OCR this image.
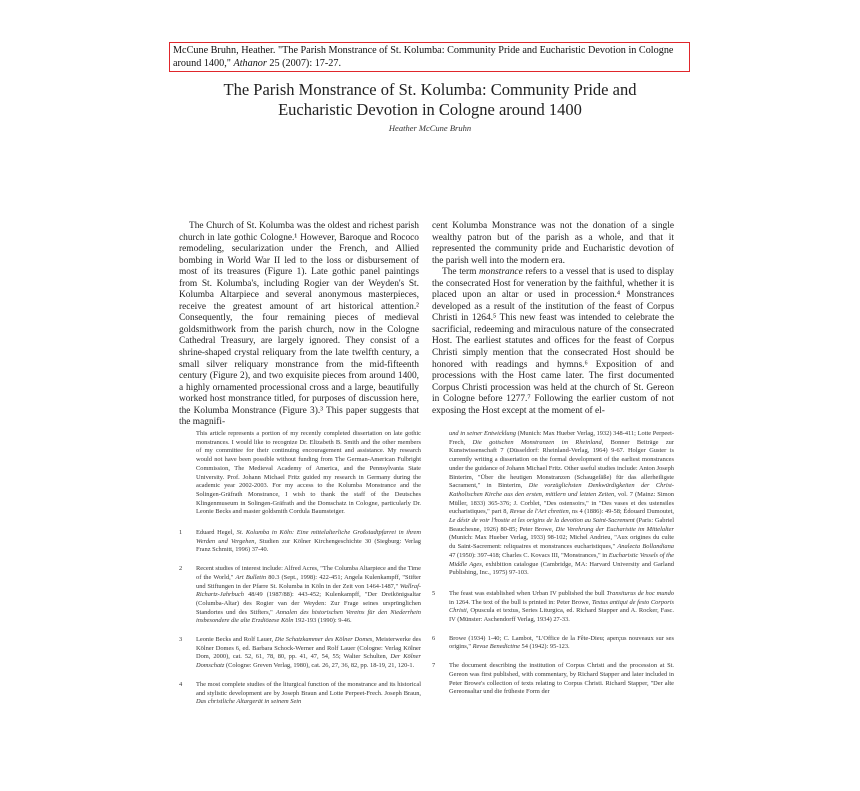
McCune Bruhn, Heather. "The Parish Monstrance of St. Kolumba: Community Pride and Eucharistic Devotion in Cologne around 1400," Athanor 25 (2007): 17-27.
The Parish Monstrance of St. Kolumba: Community Pride and
Eucharistic Devotion in Cologne around 1400
Heather McCune Bruhn

The Church of St. Kolumba was the oldest and richest parish church in late gothic Cologne.¹ However, Baroque and Rococo remodeling, secularization under the French, and Allied bombing in World War II led to the loss or disbursement of most of its treasures (Figure 1). Late gothic panel paintings from St. Kolumba's, including Rogier van der Weyden's St. Kolumba Altarpiece and several anonymous masterpieces, receive the greatest amount of art historical attention.² Consequently, the four remaining pieces of medieval goldsmithwork from the parish church, now in the Cologne Cathedral Treasury, are largely ignored. They consist of a shrine-shaped crystal reliquary from the late twelfth century, a small silver reliquary monstrance from the mid-fifteenth century (Figure 2), and two exquisite pieces from around 1400, a highly ornamented processional cross and a large, beautifully worked host monstrance titled, for purposes of discussion here, the Kolumba Monstrance (Figure 3).³ This paper suggests that the magnifi-

cent Kolumba Monstrance was not the donation of a single wealthy patron but of the parish as a whole, and that it represented the community pride and Eucharistic devotion of the parish well into the modern era.

The term monstrance refers to a vessel that is used to display the consecrated Host for veneration by the faithful, whether it is placed upon an altar or used in procession.⁴ Monstrances developed as a result of the institution of the feast of Corpus Christi in 1264.⁵ This new feast was intended to celebrate the sacrificial, redeeming and miraculous nature of the consecrated Host. The earliest statutes and offices for the feast of Corpus Christi simply mention that the consecrated Host should be honored with readings and hymns.⁶ Exposition of and processions with the Host came later. The first documented Corpus Christi procession was held at the church of St. Gereon in Cologne before 1277.⁷ Following the earlier custom of not exposing the Host except at the moment of el-

This article represents a portion of my recently completed dissertation on late gothic monstrances. I would like to recognize Dr. Elizabeth B. Smith and the other members of my committee for their continuing encouragement and assistance. My research would not have been possible without funding from The German-American Fulbright Commission, The Medieval Academy of America, and the Pennsylvania State University. Prof. Johann Michael Fritz guided my research in Germany during the academic year 2002-2003. For my access to the Kolumba Monstrance and the Solingen-Gräfrath Monstrance, I wish to thank the staff of the Deutsches Klingenmuseum in Solingen-Gräfrath and the Domschatz in Cologne, particularly Dr. Leonie Becks and master goldsmith Cordula Baumsteiger.
1 Eduard Hegel, St. Kolumba in Köln: Eine mittelalterliche Großstadtpfarrei in ihrem Werden und Vergehen, Studien zur Kölner Kirchengeschichte 30 (Siegburg: Verlag Franz Schmitt, 1996) 37-40.
2 Recent studies of interest include: Alfred Acres, "The Columba Altarpiece and the Time of the World," Art Bulletin 80.3 (Sept., 1998): 422-451; Angela Kulenkampff, "Stifter und Stiftungen in der Pfarre St. Kolumba in Köln in der Zeit von 1464-1487," Wallraf-Richartz-Jahrbuch 48/49 (1987/88): 443-452; Kulenkampff, "Der Dreikönigsaltar (Columba-Altar) des Rogier van der Weyden: Zur Frage seines ursprünglichen Standortes und des Stifters," Annalen des historischen Vereins für den Niederrhein insbesondere die alte Erzdiözese Köln 192-193 (1990): 9-46.
3 Leonie Becks and Rolf Lauer, Die Schatzkammer des Kölner Domes, Meisterwerke des Kölner Domes 6, ed. Barbara Schock-Werner and Rolf Lauer (Cologne: Verlag Kölner Dom, 2000), cat. 52, 61, 78, 80, pp. 41, 47, 54, 55; Walter Schulten, Der Kölner Domschatz (Cologne: Greven Verlag, 1980), cat. 26, 27, 36, 82, pp. 18-19, 21, 120-1.
4 The most complete studies of the liturgical function of the monstrance and its historical and stylistic development are by Joseph Braun and Lotte Perpeet-Frech. Joseph Braun, Das christliche Altargerät in seinem Sein
und in seiner Entwicklung (Munich: Max Hueber Verlag, 1932) 348-411; Lotte Perpeet-Frech, Die gotischen Monstranzen im Rheinland, Bonner Beiträge zur Kunstwissenschaft 7 (Düsseldorf: Rheinland-Verlag, 1964) 9-67. Holger Guster is currently writing a dissertation on the formal development of the earliest monstrances under the guidance of Johann Michael Fritz. Other useful studies include: Anton Joseph Binterim, "Über die heutigen Monstranzen (Schaugefäße) für das allerheiligste Sacrament," in Binterim, Die vorzüglichsten Denkwürdigkeiten der Christ-Katholischen Kirche aus den ersten, mittlern und letzten Zeiten, vol. 7 (Mainz: Simon Müller, 1833) 365-376; J. Corblet, "Des ostensoirs," in "Des vases et des ustensiles eucharistiques," part 8, Revue de l'Art chretien, ns 4 (1886): 49-58; Édouard Dumoutet, Le désir de voir l'hostie et les origins de la devotion au Saint-Sacrement (Paris: Gabriel Beauchesne, 1926) 80-85; Peter Browe, Die Verehrung der Eucharistie im Mittelalter (Munich: Max Hueber Verlag, 1933) 98-102; Michel Andrieu, "Aux origines du culte du Saint-Sacrement: reliquaires et monstrances eucharistiques," Analecta Bollandiana 47 (1950): 397-418; Charles C. Kovacs III, "Monstrances," in Eucharistic Vessels of the Middle Ages, exhibition catalogue (Cambridge, MA: Harvard University and Garland Publishing, Inc., 1975) 97-103.
5 The feast was established when Urban IV published the bull Transiturus de hoc mundo in 1264. The text of the bull is printed in: Peter Browe, Textus antiqui de festo Corporis Christi, Opuscula et textus, Series Liturgica, ed. Richard Stapper and A. Rocker, Fasc. IV (Münster: Aschendorff Verlag, 1934) 27-33.
6 Browe (1934) 1-40; C. Lambot, "L'Office de la Fête-Dieu; aperçus nouveaux sur ses origins," Revue Benedictine 54 (1942): 95-123.
7 The document describing the institution of Corpus Christi and the procession at St. Gereon was first published, with commentary, by Richard Stapper and later included in Peter Browe's collection of texts relating to Corpus Christi. Richard Stapper, "Der alte Gereonsaltar und die früheste Form der
